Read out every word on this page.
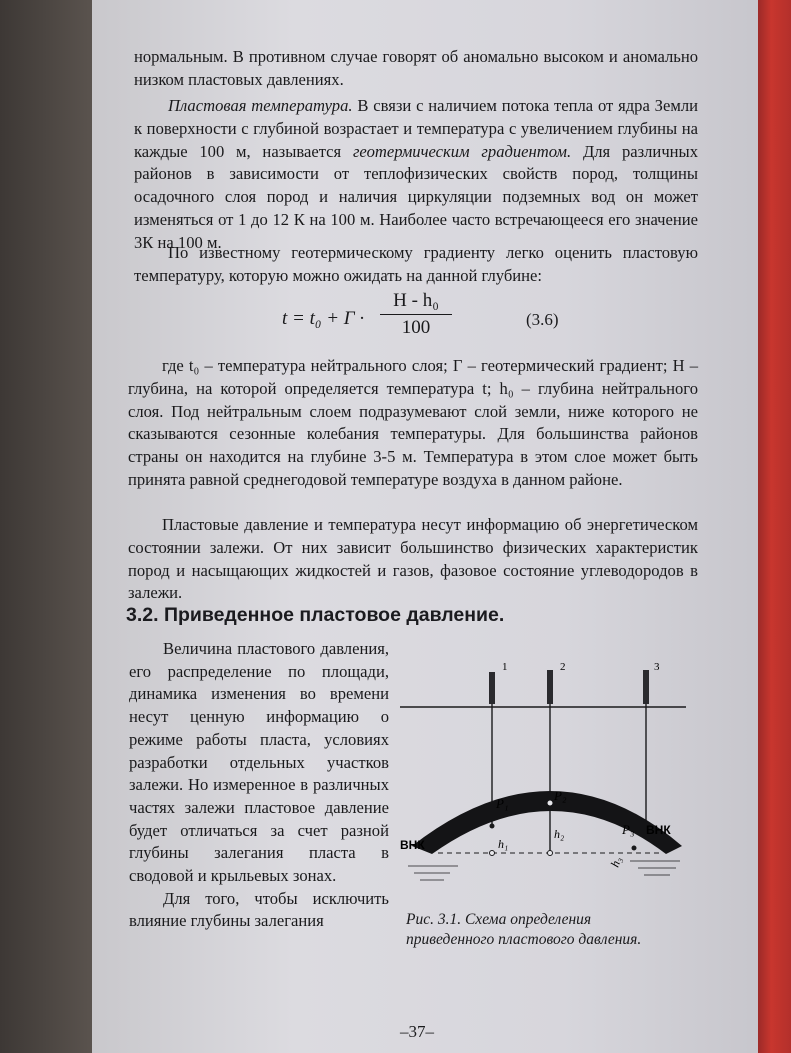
нормальным. В противном случае говорят об аномально высоком и аномально низком пластовых давлениях.

Пластовая температура. В связи с наличием потока тепла от ядра Земли к поверхности с глубиной возрастает и температура с увеличением глубины на каждые 100 м, называется геотермическим градиентом. Для различных районов в зависимости от теплофизических свойств пород, толщины осадочного слоя пород и наличия циркуляции подземных вод он может изменяться от 1 до 12 К на 100 м. Наиболее часто встречающееся его значение 3К на 100 м.

По известному геотермическому градиенту легко оценить пластовую температуру, которую можно ожидать на данной глубине:

$t = t_0 + Г \cdot \frac{\text{H - h₀}}{100}$	(3.6)

где t₀ – температура нейтрального слоя; Г – геотермический градиент; Н – глубина, на которой определяется температура t; h₀ – глубина нейтрального слоя. Под нейтральным слоем подразумевают слой земли, ниже которого не сказываются сезонные колебания температуры. Для большинства районов страны он находится на глубине 3-5 м. Температура в этом слое может быть принята равной среднегодовой температуре воздуха в данном районе.

Пластовые давление и температура несут информацию об энергетическом состоянии залежи. От них зависит большинство физических характеристик пород и насыщающих жидкостей и газов, фазовое состояние углеводородов в залежи.

3.2. Приведенное пластовое давление.

Величина пластового давления, его распределение по площади, динамика изменения во времени несут ценную информацию о режиме работы пласта, условиях разработки отдельных участков залежи. Но измеренное в различных частях залежи пластовое давление будет отличаться за счет разной глубины залегания пласта в сводовой и крыльевых зонах.

Для того, чтобы исключить влияние глубины залегания

1	2	3
P₁
P₂
P₃
h₁
h₂
h₃
ВНК
ВНК
Рис. 3.1. Схема определения приведенного пластового давления.
–37–
